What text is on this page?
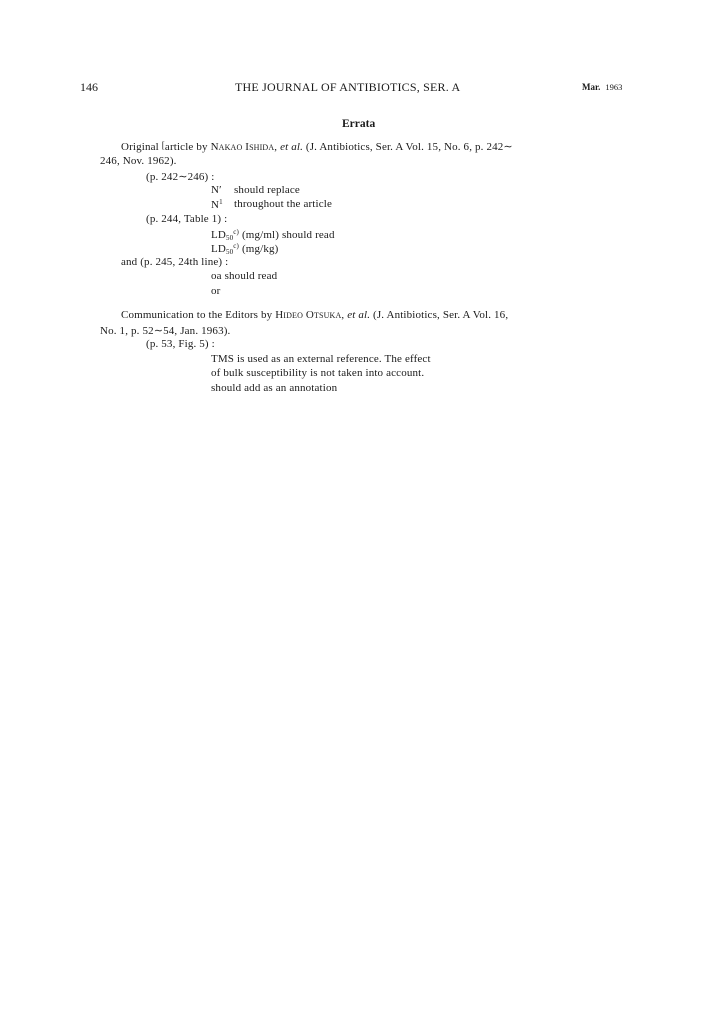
146	THE JOURNAL OF ANTIBIOTICS, SER. A	Mar. 1963
Errata
Original [article by Nakao Ishida, et al. (J. Antibiotics, Ser. A Vol. 15, No. 6, p. 242∼
246, Nov. 1962).
(p. 242∼246) :
N′ should replace
$N^1$ throughout the article
(p. 244, Table 1) :
$LD_{50}^{c)}$ (mg/ml) should read
$LD_{50}^{c)}$ (mg/kg)
and (p. 245, 24th line) :
oa should read
or
Communication to the Editors by Hideo Otsuka, et al. (J. Antibiotics, Ser. A Vol. 16,
No. 1, p. 52∼54, Jan. 1963).
(p. 53, Fig. 5) :
TMS is used as an external reference. The effect
of bulk susceptibility is not taken into account.
should add as an annotation
